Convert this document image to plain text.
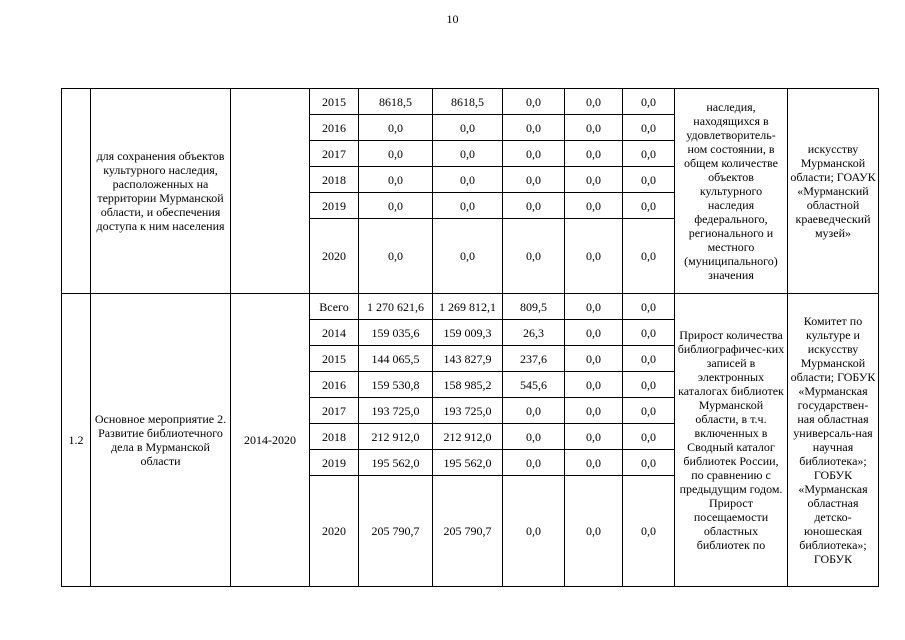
10
	для сохранения объектов культурного наследия, расположенных на территории Мурманской области, и обеспечения доступа к ним населения		2015	8618,5	8618,5	0,0	0,0	0,0	наследия, находящихся в удовлетворитель-ном состоянии, в общем количестве объектов культурного наследия федерального, регионального и местного (муниципального) значения	искусству Мурманской области; ГОАУК «Мурманский областной краеведческий музей»
			2016	0,0	0,0	0,0	0,0	0,0		
			2017	0,0	0,0	0,0	0,0	0,0		
			2018	0,0	0,0	0,0	0,0	0,0		
			2019	0,0	0,0	0,0	0,0	0,0		
			2020	0,0	0,0	0,0	0,0	0,0		
1.2	Основное мероприятие 2. Развитие библиотечного дела в Мурманской области	2014-2020	Всего	1 270 621,6	1 269 812,1	809,5	0,0	0,0	Прирост количества библиографичес-ких записей в электронных каталогах библиотек Мурманской области, в т.ч. включенных в Сводный каталог библиотек России, по сравнению с предыдущим годом. Прирост посещаемости областных библиотек по	Комитет по культуре и искусству Мурманской области; ГОБУК «Мурманская государствен-ная областная универсаль-ная научная библиотека»; ГОБУК «Мурманская областная детско-юношеская библиотека»; ГОБУК
			2014	159 035,6	159 009,3	26,3	0,0	0,0		
			2015	144 065,5	143 827,9	237,6	0,0	0,0		
			2016	159 530,8	158 985,2	545,6	0,0	0,0		
			2017	193 725,0	193 725,0	0,0	0,0	0,0		
			2018	212 912,0	212 912,0	0,0	0,0	0,0		
			2019	195 562,0	195 562,0	0,0	0,0	0,0		
			2020	205 790,7	205 790,7	0,0	0,0	0,0		
